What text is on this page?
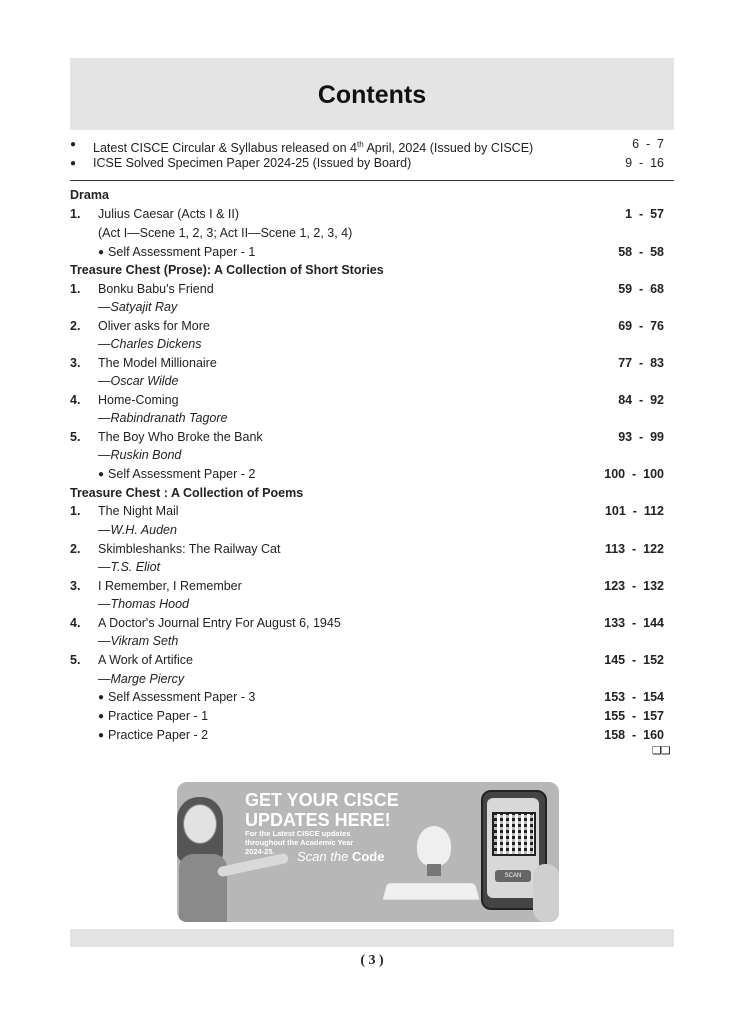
Contents
● Latest CISCE Circular & Syllabus released on 4th April, 2024 (Issued by CISCE)	6 - 7
● ICSE Solved Specimen Paper 2024-25 (Issued by Board)	9 - 16
Drama
1. Julius Caesar (Acts I & II)	1 - 57
(Act I—Scene 1, 2, 3; Act II—Scene 1, 2, 3, 4)
● Self Assessment Paper - 1	58 - 58
Treasure Chest (Prose): A Collection of Short Stories
1. Bonku Babu's Friend	59 - 68
—Satyajit Ray
2. Oliver asks for More	69 - 76
—Charles Dickens
3. The Model Millionaire	77 - 83
—Oscar Wilde
4. Home-Coming	84 - 92
—Rabindranath Tagore
5. The Boy Who Broke the Bank	93 - 99
—Ruskin Bond
● Self Assessment Paper - 2	100 - 100
Treasure Chest : A Collection of Poems
1. The Night Mail	101 - 112
—W.H. Auden
2. Skimbleshanks: The Railway Cat	113 - 122
—T.S. Eliot
3. I Remember, I Remember	123 - 132
—Thomas Hood
4. A Doctor's Journal Entry For August 6, 1945	133 - 144
—Vikram Seth
5. A Work of Artifice	145 - 152
—Marge Piercy
● Self Assessment Paper - 3	153 - 154
● Practice Paper - 1	155 - 157
● Practice Paper - 2	158 - 160
❏❏
GET YOUR CISCE UPDATES HERE!
For the Latest CISCE updates throughout the Academic Year 2024-25.	Scan the Code
SCAN
( 3 )
